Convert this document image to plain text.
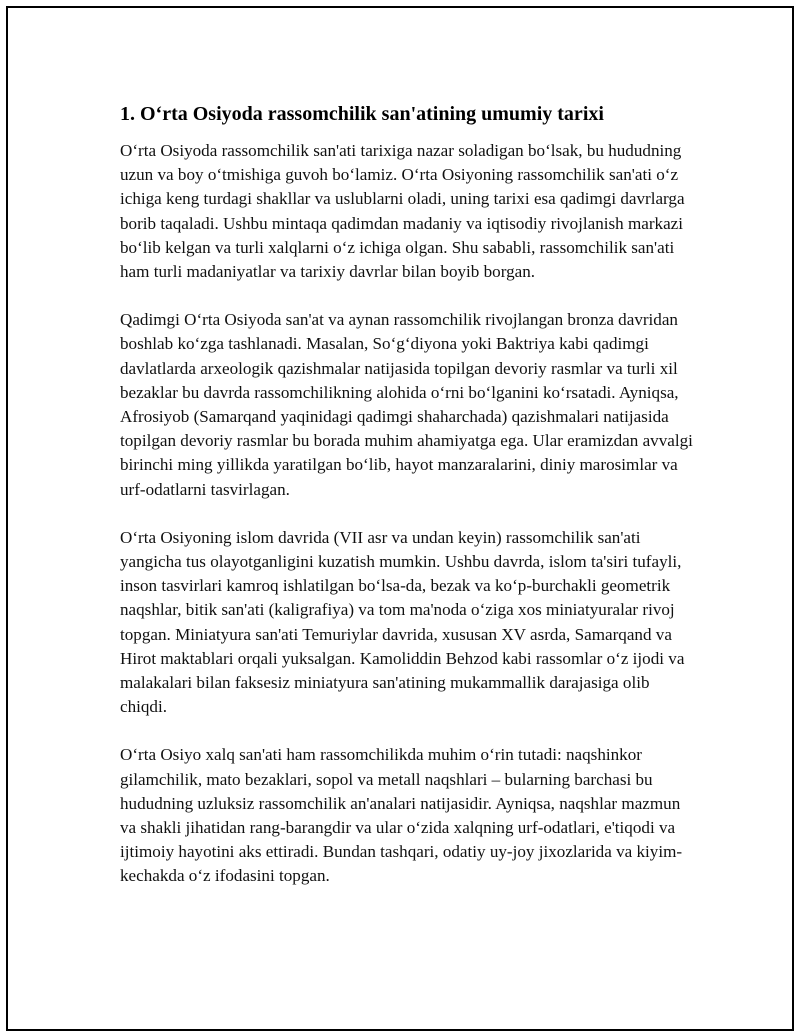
1. O‘rta Osiyoda rassomchilik san'atining umumiy tarixi

O‘rta Osiyoda rassomchilik san'ati tarixiga nazar soladigan bo‘lsak, bu hududning uzun va boy o‘tmishiga guvoh bo‘lamiz. O‘rta Osiyoning rassomchilik san'ati o‘z ichiga keng turdagi shakllar va uslublarni oladi, uning tarixi esa qadimgi davrlarga borib taqaladi. Ushbu mintaqa qadimdan madaniy va iqtisodiy rivojlanish markazi bo‘lib kelgan va turli xalqlarni o‘z ichiga olgan. Shu sababli, rassomchilik san'ati ham turli madaniyatlar va tarixiy davrlar bilan boyib borgan.

Qadimgi O‘rta Osiyoda san'at va aynan rassomchilik rivojlangan bronza davridan boshlab ko‘zga tashlanadi. Masalan, So‘g‘diyona yoki Baktriya kabi qadimgi davlatlarda arxeologik qazishmalar natijasida topilgan devoriy rasmlar va turli xil bezaklar bu davrda rassomchilikning alohida o‘rni bo‘lganini ko‘rsatadi. Ayniqsa, Afrosiyob (Samarqand yaqinidagi qadimgi shaharchada) qazishmalari natijasida topilgan devoriy rasmlar bu borada muhim ahamiyatga ega. Ular eramizdan avvalgi birinchi ming yillikda yaratilgan bo‘lib, hayot manzaralarini, diniy marosimlar va urf-odatlarni tasvirlagan.

O‘rta Osiyoning islom davrida (VII asr va undan keyin) rassomchilik san'ati yangicha tus olayotganligini kuzatish mumkin. Ushbu davrda, islom ta'siri tufayli, inson tasvirlari kamroq ishlatilgan bo‘lsa-da, bezak va ko‘p-burchakli geometrik naqshlar, bitik san'ati (kaligrafiya) va tom ma'noda o‘ziga xos miniatyuralar rivoj topgan. Miniatyura san'ati Temuriylar davrida, xususan XV asrda, Samarqand va Hirot maktablari orqali yuksalgan. Kamoliddin Behzod kabi rassomlar o‘z ijodi va malakalari bilan faksesiz miniatyura san'atining mukammallik darajasiga olib chiqdi.

O‘rta Osiyo xalq san'ati ham rassomchilikda muhim o‘rin tutadi: naqshinkor gilamchilik, mato bezaklari, sopol va metall naqshlari – bularning barchasi bu hududning uzluksiz rassomchilik an'analari natijasidir. Ayniqsa, naqshlar mazmun va shakli jihatidan rang-barangdir va ular o‘zida xalqning urf-odatlari, e'tiqodi va ijtimoiy hayotini aks ettiradi. Bundan tashqari, odatiy uy-joy jixozlarida va kiyim-kechakda o‘z ifodasini topgan.
